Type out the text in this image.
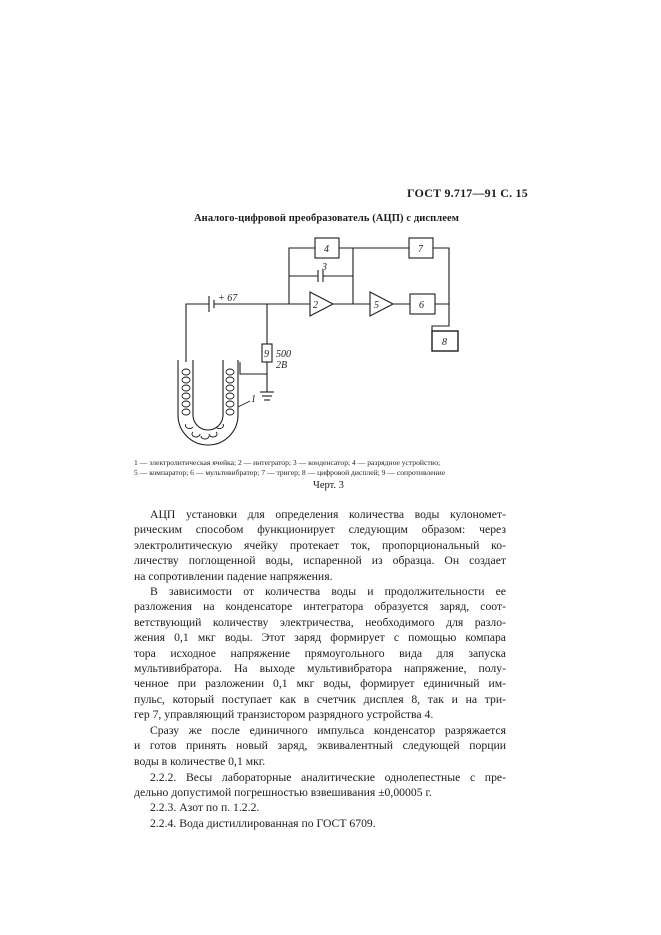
ГОСТ 9.717—91 С. 15
Аналого-цифровой преобразователь (АЦП) с дисплеем
4	7
3
2	5	6
8
9
1
+ 67
500
2В
1 — электролитическая ячейка; 2 — интегратор; 3 — конденсатор; 4 — разрядное устройство;
5 — компаратор; 6 — мультивибратор; 7 — тригер; 8 — цифровой дисплей; 9 — сопротивление
Черт. 3
АЦП установки для определения количества воды кулономет-
рическим способом функционирует следующим образом: через
электролитическую ячейку протекает ток, пропорциональный ко-
личеству поглощенной воды, испаренной из образца. Он создает
на сопротивлении падение напряжения.
В зависимости от количества воды и продолжительности ее
разложения на конденсаторе интегратора образуется заряд, соот-
ветствующий количеству электричества, необходимого для разло-
жения 0,1 мкг воды. Этот заряд формирует с помощью компара
тора исходное напряжение прямоугольного вида для запуска
мультивибратора. На выходе мультивибратора напряжение, полу-
ченное при разложении 0,1 мкг воды, формирует единичный им-
пульс, который поступает как в счетчик дисплея 8, так и на три-
гер 7, управляющий транзистором разрядного устройства 4.
Сразу же после единичного импульса конденсатор разряжается
и готов принять новый заряд, эквивалентный следующей порции
воды в количестве 0,1 мкг.
2.2.2. Весы лабораторные аналитические однолепестные с пре-
дельно допустимой погрешностью взвешивания ±0,00005 г.
2.2.3. Азот по п. 1.2.2.
2.2.4. Вода дистиллированная по ГОСТ 6709.
